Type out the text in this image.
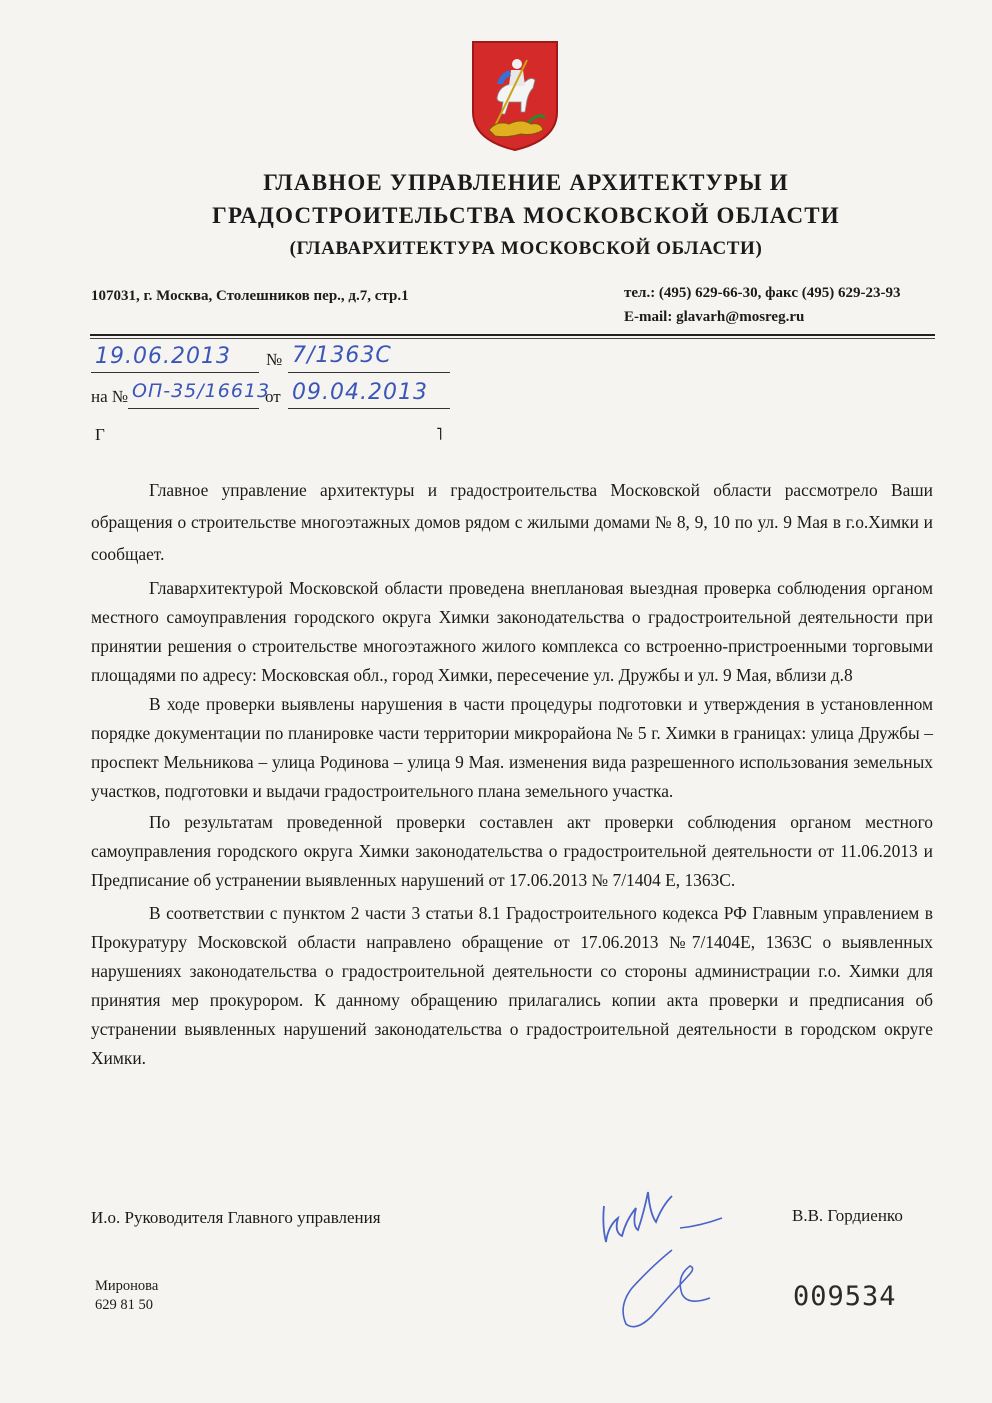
ГЛАВНОЕ УПРАВЛЕНИЕ АРХИТЕКТУРЫ И
ГРАДОСТРОИТЕЛЬСТВА МОСКОВСКОЙ ОБЛАСТИ
(ГЛАВАРХИТЕКТУРА МОСКОВСКОЙ ОБЛАСТИ)
107031, г. Москва, Столешников пер., д.7, стр.1	тел.: (495) 629-66-30, факс (495) 629-23-93
E-mail: glavarh@mosreg.ru
19.06.2013 № 7/1363С
на № ОП-35/16613
от 09.04.2013
Г	˥

Главное управление архитектуры и градостроительства Московской области рассмотрело Ваши обращения о строительстве многоэтажных домов рядом с жилыми домами № 8, 9, 10 по ул. 9 Мая в г.о.Химки и сообщает.

Главархитектурой Московской области проведена внеплановая выездная проверка соблюдения органом местного самоуправления городского округа Химки законодательства о градостроительной деятельности при принятии решения о строительстве многоэтажного жилого комплекса со встроенно-пристроенными торговыми площадями по адресу: Московская обл., город Химки, пересечение ул. Дружбы и ул. 9 Мая, вблизи д.8

В ходе проверки выявлены нарушения в части процедуры подготовки и утверждения в установленном порядке документации по планировке части территории микрорайона № 5 г. Химки в границах: улица Дружбы – проспект Мельникова – улица Родинова – улица 9 Мая. изменения вида разрешенного использования земельных участков, подготовки и выдачи градостроительного плана земельного участка.

По результатам проведенной проверки составлен акт проверки соблюдения органом местного самоуправления городского округа Химки законодательства о градостроительной деятельности от 11.06.2013 и Предписание об устранении выявленных нарушений от 17.06.2013 № 7/1404 Е, 1363С.

В соответствии с пунктом 2 части 3 статьи 8.1 Градостроительного кодекса РФ Главным управлением в Прокуратуру Московской области направлено обращение от 17.06.2013 №7/1404Е, 1363С о выявленных нарушениях законодательства о градостроительной деятельности со стороны администрации г.о. Химки для принятия мер прокурором. К данному обращению прилагались копии акта проверки и предписания об устранении выявленных нарушений законодательства о градостроительной деятельности в городском округе Химки.

И.о. Руководителя Главного управления	В.В. Гордиенко
Миронова
629 81 50	009534
